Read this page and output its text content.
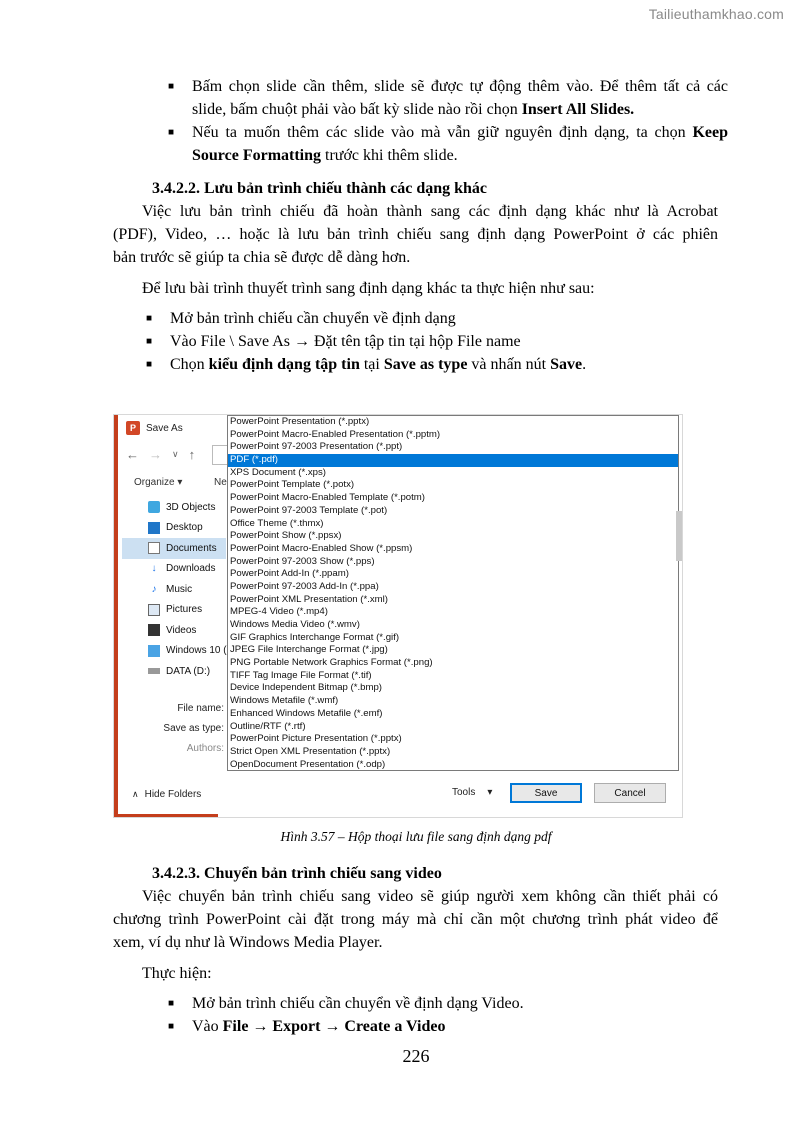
Tailieuthamkhao.com
■	Bấm chọn slide cần thêm, slide sẽ được tự động thêm vào. Để thêm tất cả các
slide, bấm chuột phải vào bất kỳ slide nào rồi chọn Insert All Slides.
■	Nếu ta muốn thêm các slide vào mà vẫn giữ nguyên định dạng, ta chọn Keep
Source Formatting trước khi thêm slide.
3.4.2.2. Lưu bản trình chiếu thành các dạng khác
Việc lưu bản trình chiếu đã hoàn thành sang các định dạng khác như là Acrobat
(PDF), Video, … hoặc là lưu bản trình chiếu sang định dạng PowerPoint ở các phiên
bản trước sẽ giúp ta chia sẽ được dễ dàng hơn.
Để lưu bài trình thuyết trình sang định dạng khác ta thực hiện như sau:
■	Mở bản trình chiếu cần chuyển về định dạng
■	Vào File \ Save As → Đặt tên tập tin tại hộp File name
■	Chọn kiểu định dạng tập tin tại Save as type và nhấn nút Save.
P	Save As
← → ∨ ↑
Organize ▾	Ne
3D Objects
Desktop
Documents
↓ Downloads
♪ Music
Pictures
Videos
Windows 10 (
DATA (D:)
File name:
Save as type:
Authors:
∧ Hide Folders	Tools ▾	Save	Cancel
PowerPoint Presentation (*.pptx)
PowerPoint Macro-Enabled Presentation (*.pptm)
PowerPoint 97-2003 Presentation (*.ppt)
PDF (*.pdf)
XPS Document (*.xps)
PowerPoint Template (*.potx)
PowerPoint Macro-Enabled Template (*.potm)
PowerPoint 97-2003 Template (*.pot)
Office Theme (*.thmx)
PowerPoint Show (*.ppsx)
PowerPoint Macro-Enabled Show (*.ppsm)
PowerPoint 97-2003 Show (*.pps)
PowerPoint Add-In (*.ppam)
PowerPoint 97-2003 Add-In (*.ppa)
PowerPoint XML Presentation (*.xml)
MPEG-4 Video (*.mp4)
Windows Media Video (*.wmv)
GIF Graphics Interchange Format (*.gif)
JPEG File Interchange Format (*.jpg)
PNG Portable Network Graphics Format (*.png)
TIFF Tag Image File Format (*.tif)
Device Independent Bitmap (*.bmp)
Windows Metafile (*.wmf)
Enhanced Windows Metafile (*.emf)
Outline/RTF (*.rtf)
PowerPoint Picture Presentation (*.pptx)
Strict Open XML Presentation (*.pptx)
OpenDocument Presentation (*.odp)
Hình 3.57 – Hộp thoại lưu file sang định dạng pdf
3.4.2.3. Chuyển bản trình chiếu sang video
Việc chuyển bản trình chiếu sang video sẽ giúp người xem không cần thiết phải có
chương trình PowerPoint cài đặt trong máy mà chỉ cần một chương trình phát video để
xem, ví dụ như là Windows Media Player.
Thực hiện:
■	Mở bản trình chiếu cần chuyển về định dạng Video.
■	Vào File → Export → Create a Video
226
